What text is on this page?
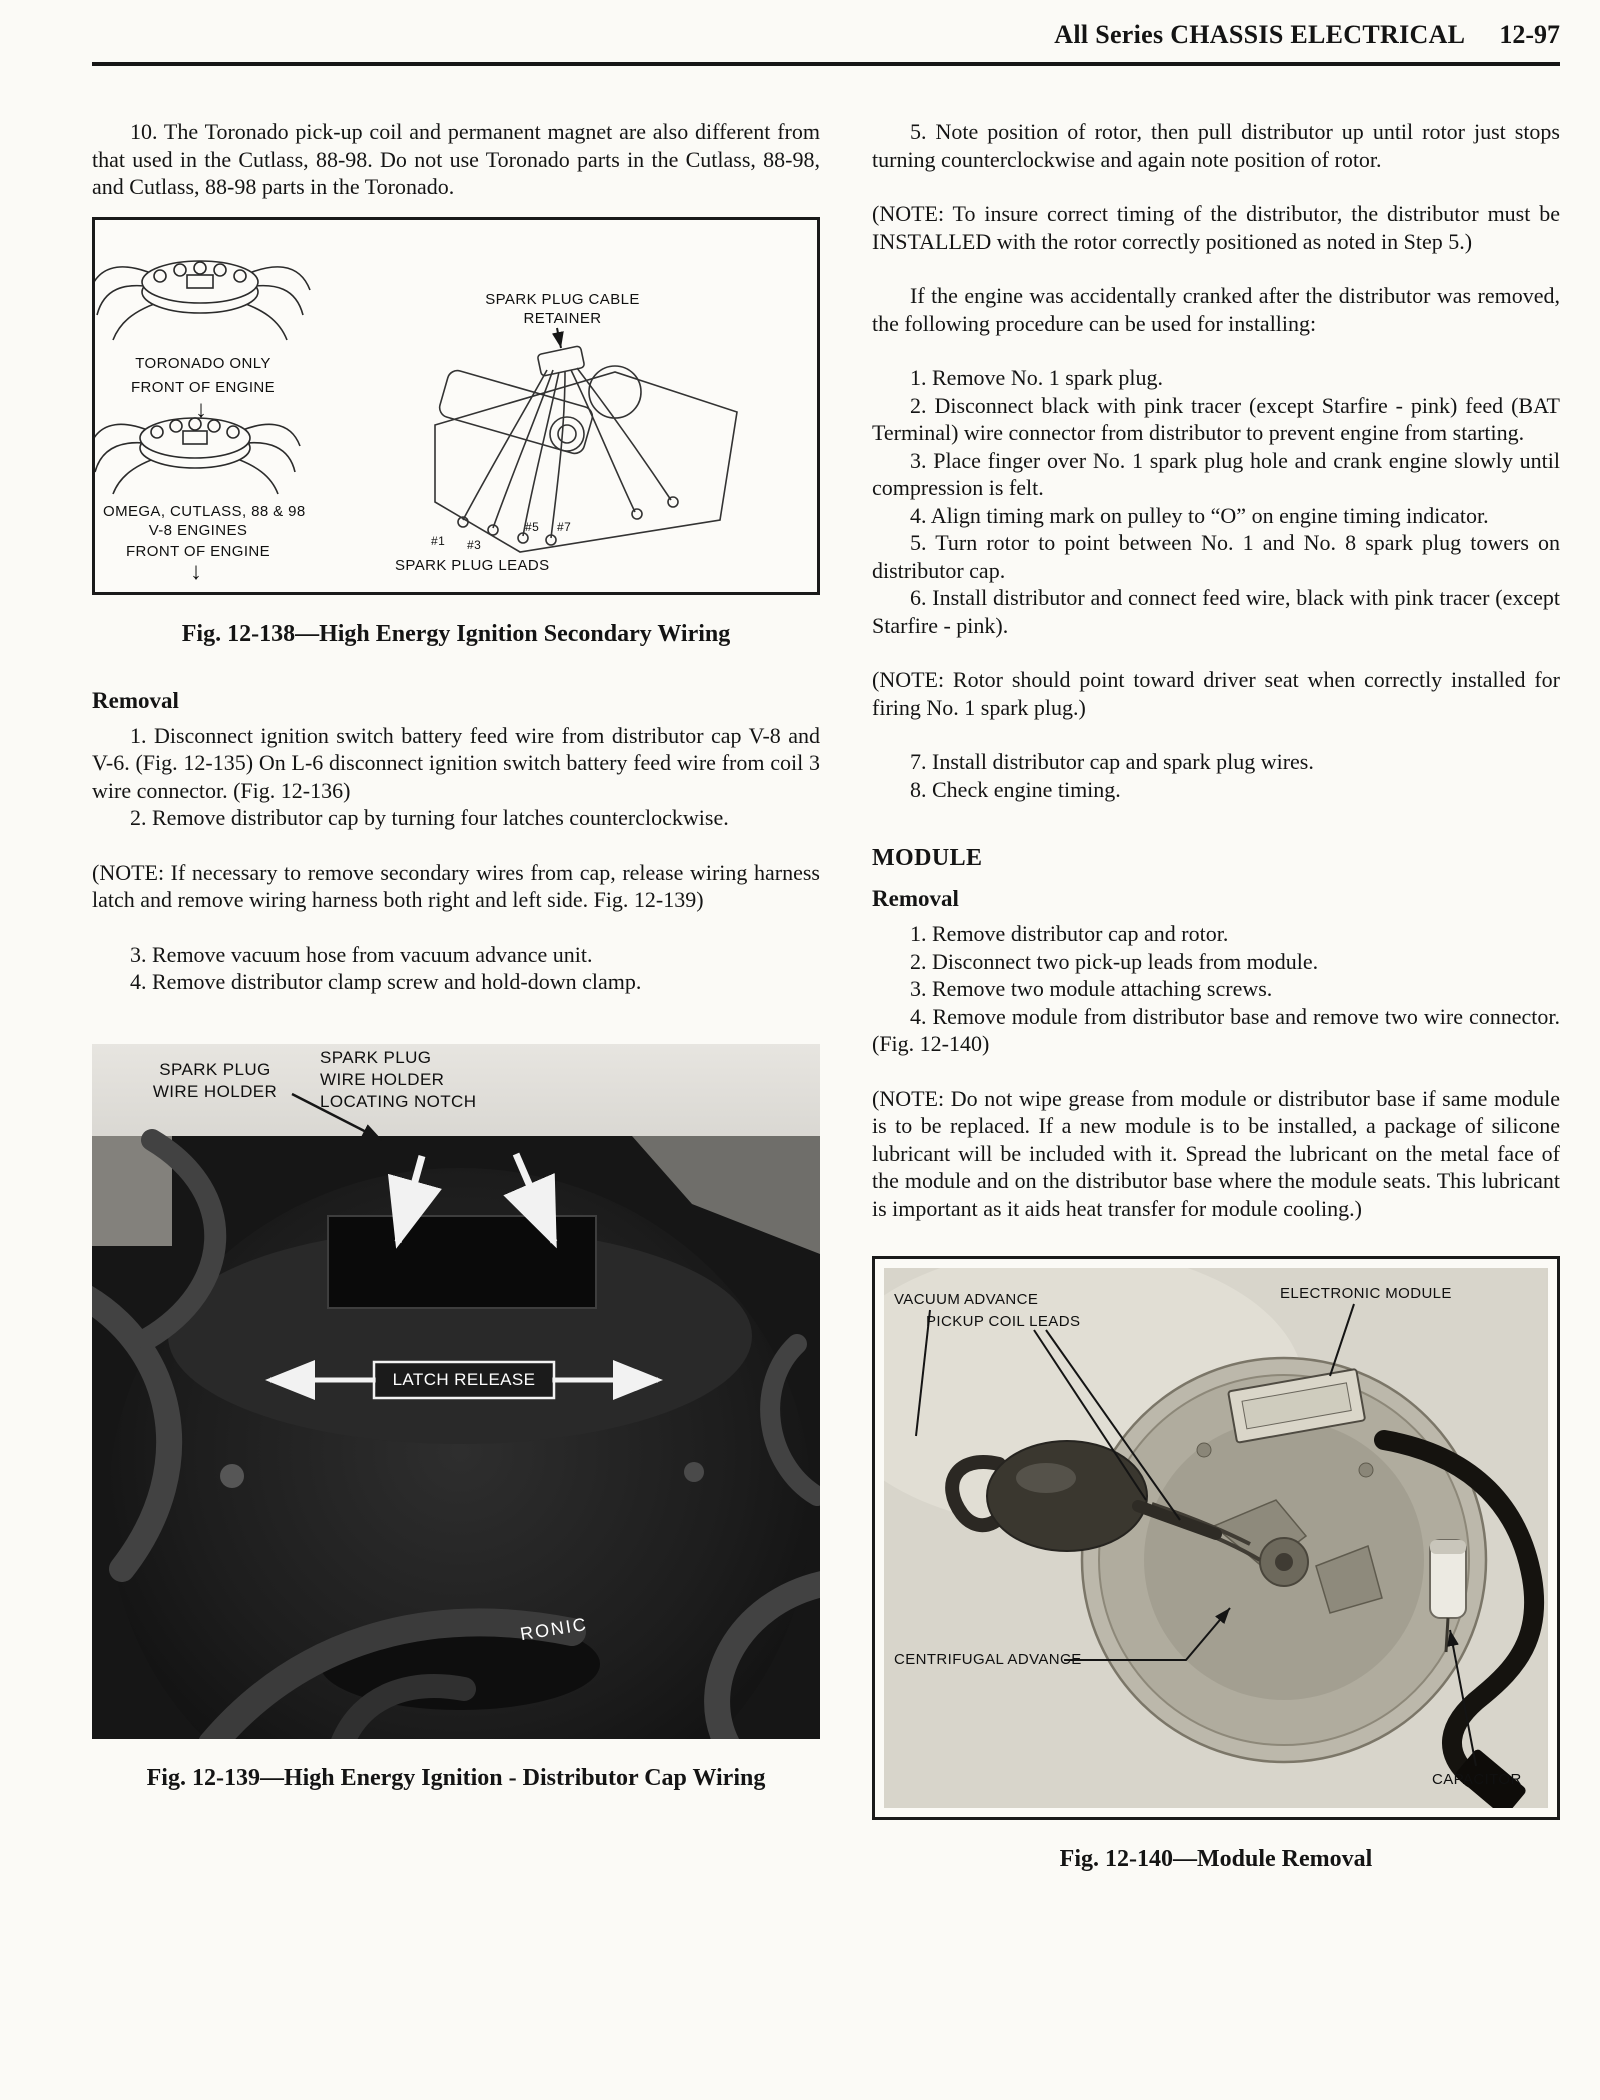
All Series CHASSIS ELECTRICAL 12-97

10. The Toronado pick-up coil and permanent magnet are also different from that used in the Cutlass, 88-98. Do not use Toronado parts in the Cutlass, 88-98, and Cutlass, 88-98 parts in the Toronado.

TORONADO ONLY
FRONT OF ENGINE
↓
OMEGA, CUTLASS, 88 & 98
V-8 ENGINES
FRONT OF ENGINE
↓
SPARK PLUG CABLE
RETAINER
SPARK PLUG LEADS
#1 #3
#5 #7
Fig. 12-138—High Energy Ignition Secondary Wiring
Removal

1. Disconnect ignition switch battery feed wire from distributor cap V-8 and V-6. (Fig. 12-135) On L-6 disconnect ignition switch battery feed wire from coil 3 wire connector. (Fig. 12-136)

2. Remove distributor cap by turning four latches counterclockwise.

(NOTE: If necessary to remove secondary wires from cap, release wiring harness latch and remove wiring harness both right and left side. Fig. 12-139)

3. Remove vacuum hose from vacuum advance unit.

4. Remove distributor clamp screw and hold-down clamp.

SPARK PLUG
WIRE HOLDER
SPARK PLUG
WIRE HOLDER
LOCATING NOTCH
LATCH RELEASE
RONIC
Fig. 12-139—High Energy Ignition - Distributor Cap Wiring

5. Note position of rotor, then pull distributor up until rotor just stops turning counterclockwise and again note position of rotor.

(NOTE: To insure correct timing of the distributor, the distributor must be INSTALLED with the rotor correctly positioned as noted in Step 5.)

If the engine was accidentally cranked after the distributor was removed, the following procedure can be used for installing:

1. Remove No. 1 spark plug.

2. Disconnect black with pink tracer (except Starfire - pink) feed (BAT Terminal) wire connector from distributor to prevent engine from starting.

3. Place finger over No. 1 spark plug hole and crank engine slowly until compression is felt.

4. Align timing mark on pulley to “O” on engine timing indicator.

5. Turn rotor to point between No. 1 and No. 8 spark plug towers on distributor cap.

6. Install distributor and connect feed wire, black with pink tracer (except Starfire - pink).

(NOTE: Rotor should point toward driver seat when correctly installed for firing No. 1 spark plug.)

7. Install distributor cap and spark plug wires.

8. Check engine timing.

MODULE
Removal

1. Remove distributor cap and rotor.

2. Disconnect two pick-up leads from module.

3. Remove two module attaching screws.

4. Remove module from distributor base and remove two wire connector. (Fig. 12-140)

(NOTE: Do not wipe grease from module or distributor base if same module is to be replaced. If a new module is to be installed, a package of silicone lubricant will be included with it. Spread the lubricant on the metal face of the module and on the distributor base where the module seats. This lubricant is important as it aids heat transfer for module cooling.)

VACUUM ADVANCE
PICKUP COIL LEADS
ELECTRONIC MODULE
CENTRIFUGAL ADVANCE
CAPACITOR
Fig. 12-140—Module Removal
